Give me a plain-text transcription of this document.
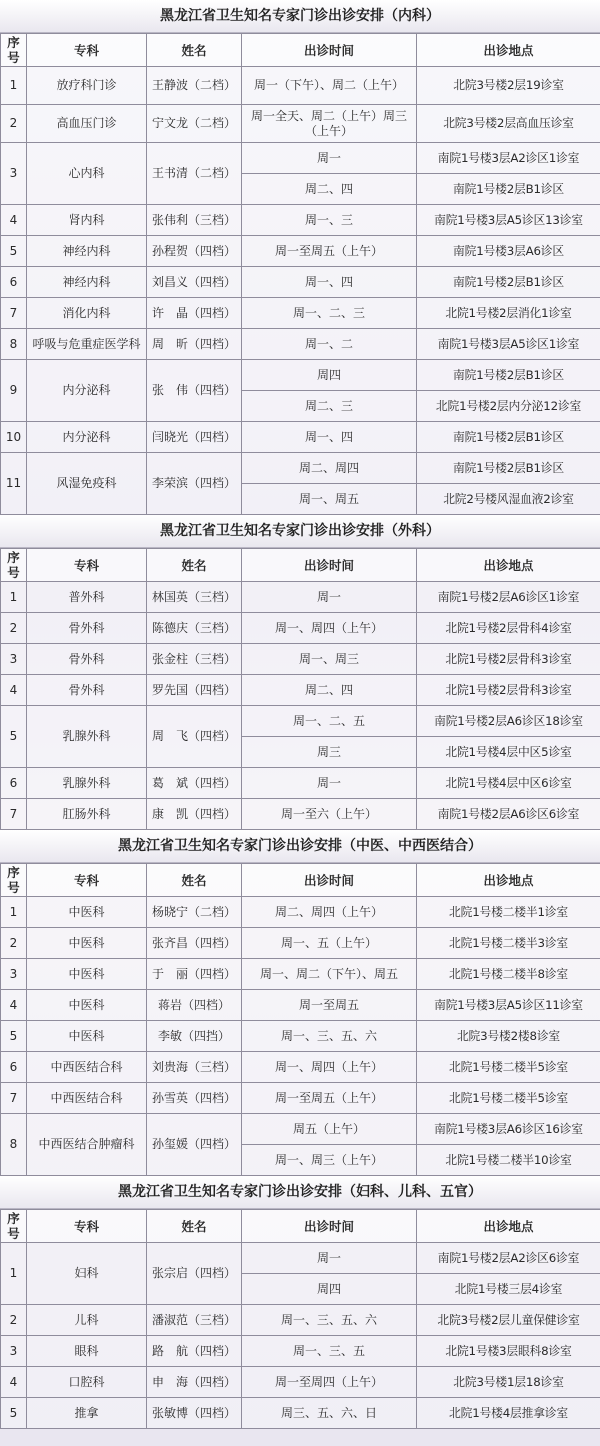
黑龙江省卫生知名专家门诊出诊安排（内科）
序号	专科	姓名	出诊时间	出诊地点
1	放疗科门诊	王静波（二档）	周一（下午）、周二（上午）	北院3号楼2层19诊室
2	高血压门诊	宁文龙（二档）	周一全天、周二（上午）周三（上午）	北院3号楼2层高血压诊室
3	心内科	王书清（二档）	周一	南院1号楼3层A2诊区1诊室
			周二、四	南院1号楼2层B1诊区
4	肾内科	张伟利（三档）	周一、三	南院1号楼3层A5诊区13诊室
5	神经内科	孙程贺（四档）	周一至周五（上午）	南院1号楼3层A6诊区
6	神经内科	刘昌义（四档）	周一、四	南院1号楼2层B1诊区
7	消化内科	许　晶（四档）	周一、二、三	北院1号楼2层消化1诊室
8	呼吸与危重症医学科	周　昕（四档）	周一、二	南院1号楼3层A5诊区1诊室
9	内分泌科	张　伟（四档）	周四	南院1号楼2层B1诊区
			周二、三	北院1号楼2层内分泌12诊室
10	内分泌科	闫晓光（四档）	周一、四	南院1号楼2层B1诊区
11	风湿免疫科	李荣滨（四档）	周二、周四	南院1号楼2层B1诊区
			周一、周五	北院2号楼风湿血液2诊室
黑龙江省卫生知名专家门诊出诊安排（外科）
序号	专科	姓名	出诊时间	出诊地点
1	普外科	林国英（三档）	周一	南院1号楼2层A6诊区1诊室
2	骨外科	陈德庆（三档）	周一、周四（上午）	北院1号楼2层骨科4诊室
3	骨外科	张金柱（三档）	周一、周三	北院1号楼2层骨科3诊室
4	骨外科	罗先国（四档）	周二、四	北院1号楼2层骨科3诊室
5	乳腺外科	周　飞（四档）	周一、二、五	南院1号楼2层A6诊区18诊室
			周三	北院1号楼4层中区5诊室
6	乳腺外科	葛　斌（四档）	周一	北院1号楼4层中区6诊室
7	肛肠外科	康　凯（四档）	周一至六（上午）	南院1号楼2层A6诊区6诊室
黑龙江省卫生知名专家门诊出诊安排（中医、中西医结合）
序号	专科	姓名	出诊时间	出诊地点
1	中医科	杨晓宁（二档）	周二、周四（上午）	北院1号楼二楼半1诊室
2	中医科	张齐昌（四档）	周一、五（上午）	北院1号楼二楼半3诊室
3	中医科	于　丽（四档）	周一、周二（下午）、周五	北院1号楼二楼半8诊室
4	中医科	蒋岩（四档）	周一至周五	南院1号楼3层A5诊区11诊室
5	中医科	李敏（四挡）	周一、三、五、六	北院3号楼2楼8诊室
6	中西医结合科	刘贵海（三档）	周一、周四（上午）	北院1号楼二楼半5诊室
7	中西医结合科	孙雪英（四档）	周一至周五（上午）	北院1号楼二楼半5诊室
8	中西医结合肿瘤科	孙玺媛（四档）	周五（上午）	南院1号楼3层A6诊区16诊室
			周一、周三（上午）	北院1号楼二楼半10诊室
黑龙江省卫生知名专家门诊出诊安排（妇科、儿科、五官）
序号	专科	姓名	出诊时间	出诊地点
1	妇科	张宗启（四档）	周一	南院1号楼2层A2诊区6诊室
			周四	北院1号楼三层4诊室
2	儿科	潘淑范（三档）	周一、三、五、六	北院3号楼2层儿童保健诊室
3	眼科	路　航（四档）	周一、三、五	北院1号楼3层眼科8诊室
4	口腔科	申　海（四档）	周一至周四（上午）	北院3号楼1层18诊室
5	推拿	张敏博（四档）	周三、五、六、日	北院1号楼4层推拿诊室
